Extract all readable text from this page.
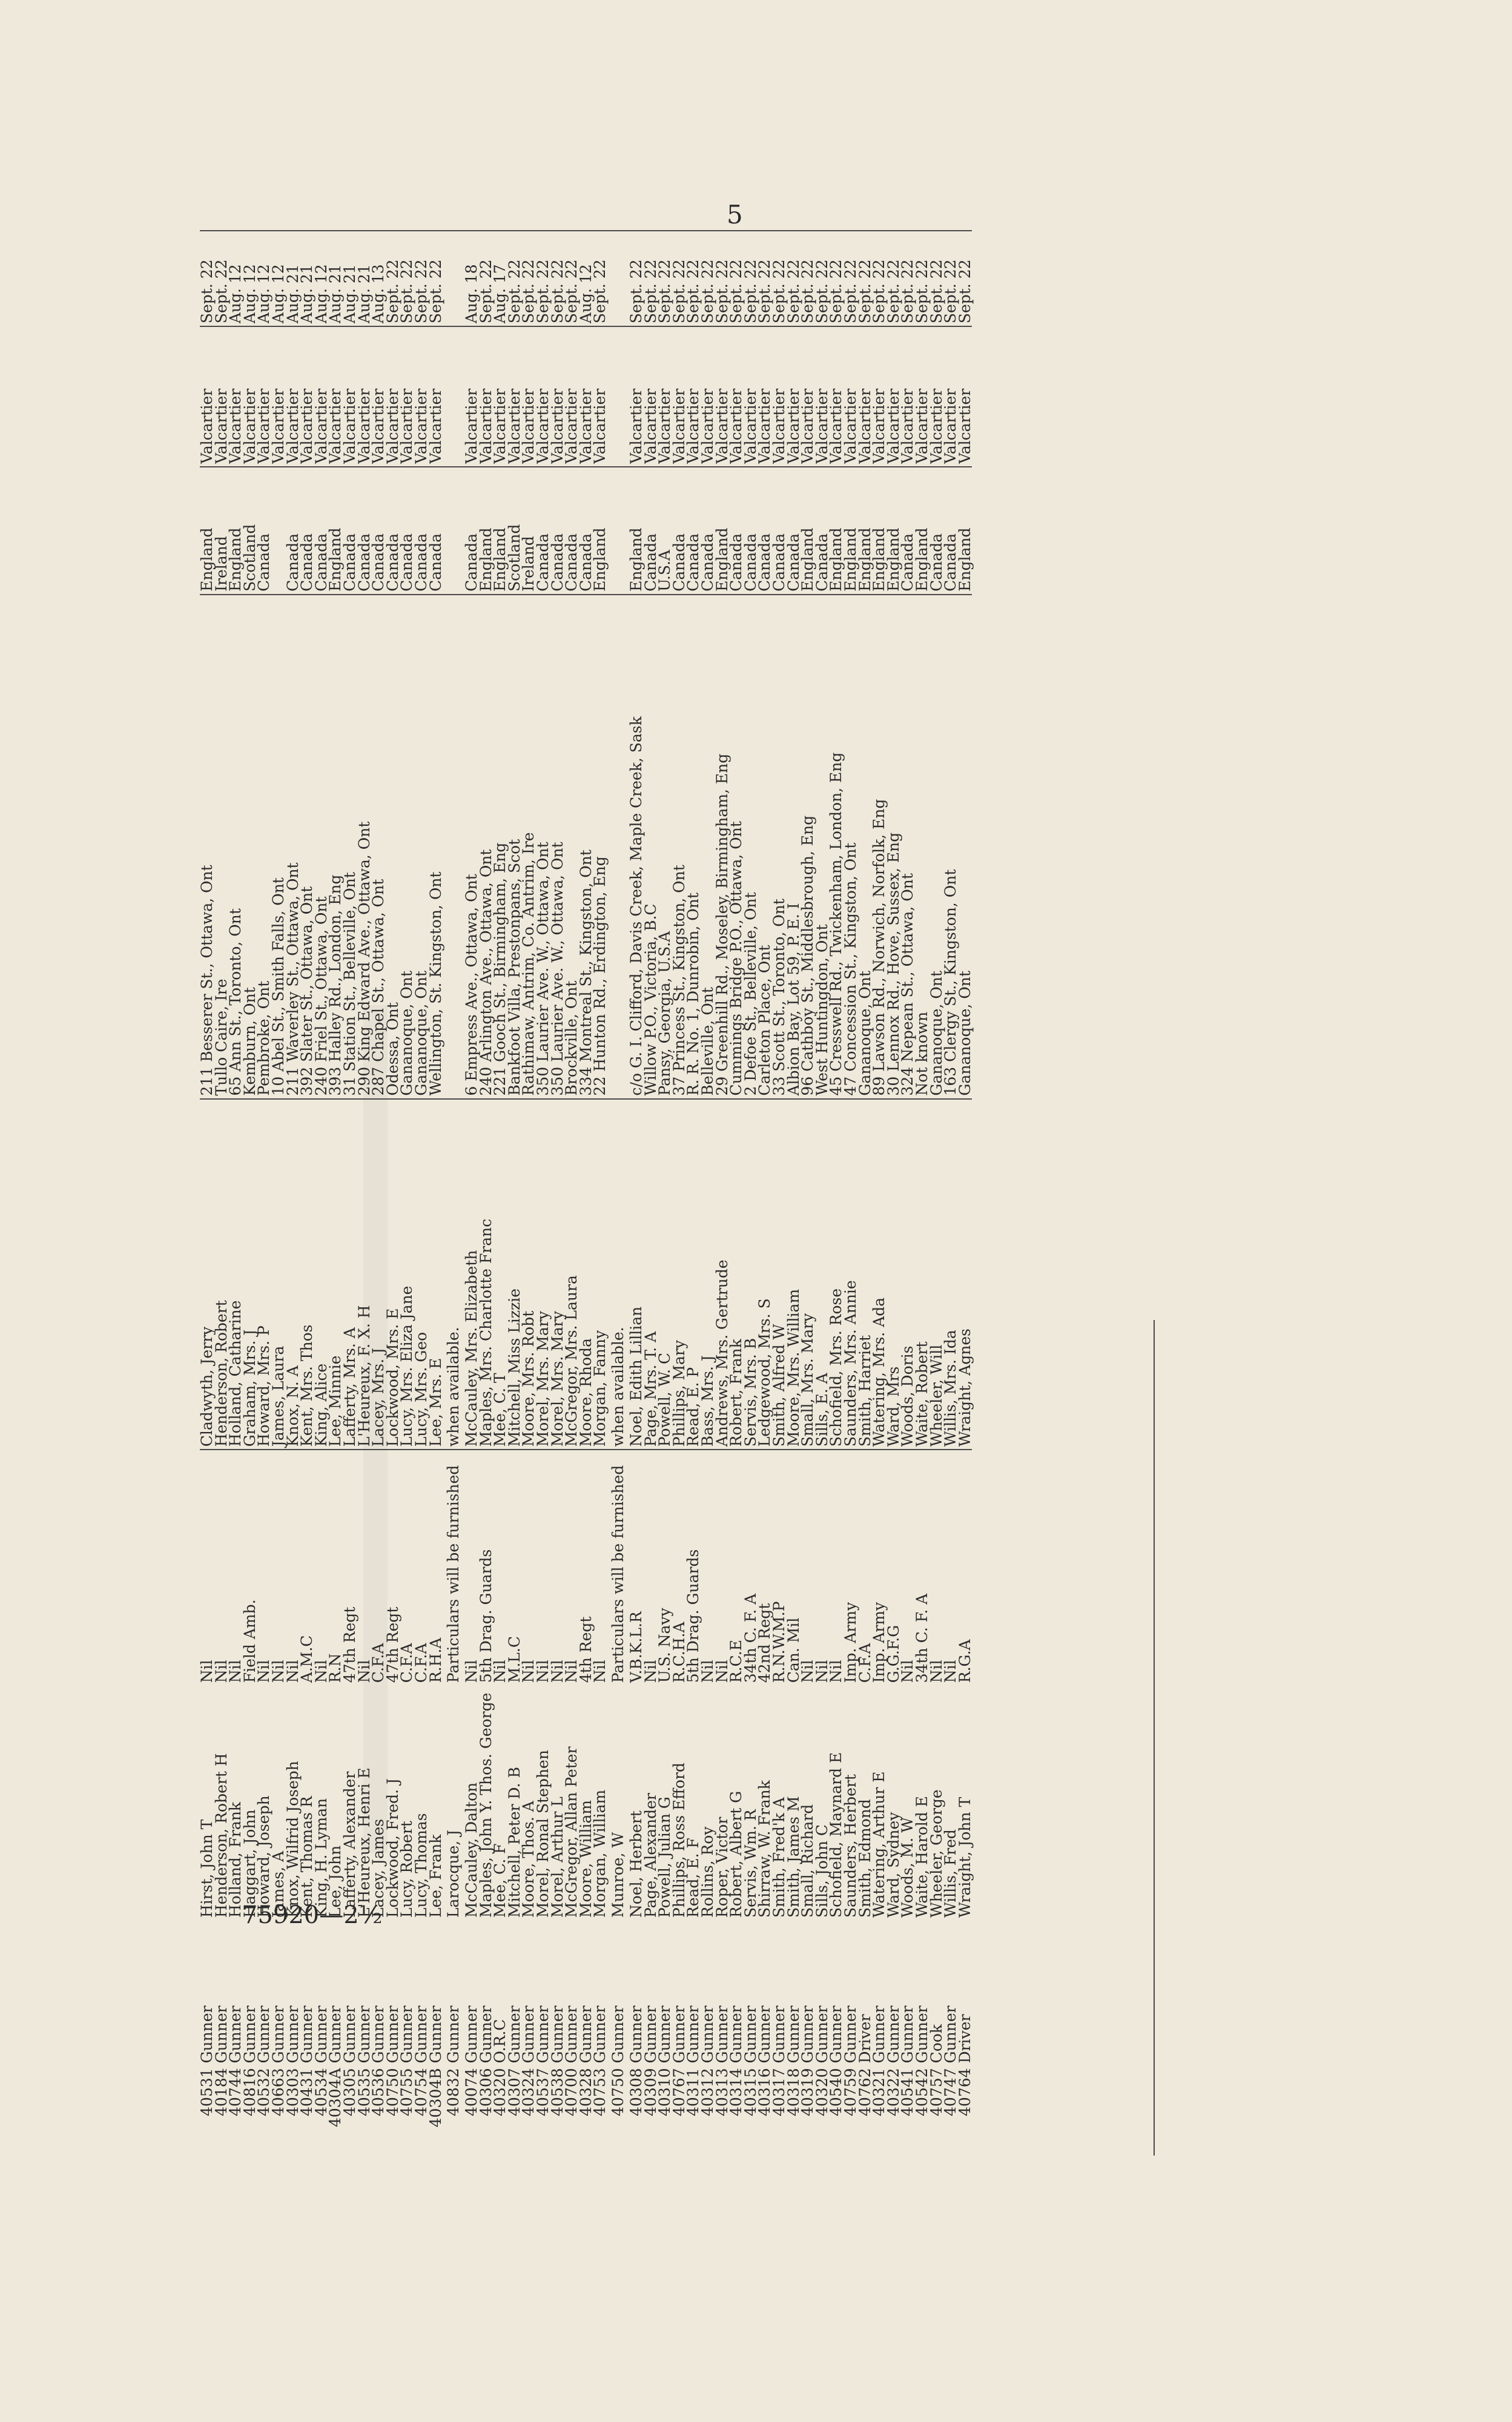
5
75920—2½
40531	Gunner	Hirst, John T	Nil	Cladwyth, Jerry	211 Besserer St., Ottawa, Ont	England	Valcartier	Sept. 22
40184	Gunner	Henderson, Robert H	Nil	Henderson, Robert	Tullo Caire, Ire	Ireland	Valcartier	Sept. 22
40744	Gunner	Holland, Frank	Nil	Holland, Catharine	65 Ann St., Toronto, Ont	England	Valcartier	Aug. 12
40816	Gunner	Haggart, John	Field Amb.	Graham, Mrs. J	Kemburn, Ont	Scotland	Valcartier	Aug. 12
40532	Gunner	Howard, Joseph	Nil	Howard, Mrs. P	Pembroke, Ont	Canada	Valcartier	Aug. 12
40663	Gunner	James, A	Nil	James, Laura	10 Abel St., Smith Falls, Ont		Valcartier	Aug. 12
40303	Gunner	Knox, Wilfrid Joseph	Nil	Knox, N. A	211 Waverley St., Ottawa, Ont	Canada	Valcartier	Aug. 21
40431	Gunner	Kent, Thomas R	A.M.C	Kent, Mrs. Thos	392 Slater St., Ottawa, Ont	Canada	Valcartier	Aug. 21
40534	Gunner	King, H. Lyman	Nil	King, Alice	240 Friel St., Ottawa, Ont	Canada	Valcartier	Aug. 12
40304A	Gunner	Lee, John	R.N	Lee, Minnie	393 Halley Rd., London, Eng	England	Valcartier	Aug. 21
40305	Gunner	Lafferty, Alexander	47th Regt	Lafferty, Mrs. A	31 Station St., Belleville, Ont	Canada	Valcartier	Aug. 21
40535	Gunner	L'Heureux, Henri E	Nil	L'Heureux, F. X. H	290 King Edward Ave., Ottawa, Ont	Canada	Valcartier	Aug. 21
40536	Gunner	Lacey, James	C.F.A	Lacey, Mrs. J	287 Chapel St., Ottawa, Ont	Canada	Valcartier	Aug. 13
40750	Gunner	Lockwood, Fred. J	47th Regt	Lockwood, Mrs. E	Odessa, Ont	Canada	Valcartier	Sept. 22
40755	Gunner	Lucy, Robert	C.F.A	Lucy, Mrs. Eliza Jane	Gananoque, Ont	Canada	Valcartier	Sept. 22
40754	Gunner	Lucy, Thomas	C.F.A	Lucy, Mrs. Geo	Gananoque, Ont	Canada	Valcartier	Sept. 22
40304B	Gunner	Lee, Frank	R.H.A	Lee, Mrs. E	Wellington, St. Kingston, Ont	Canada	Valcartier	Sept. 22
40832	Gunner	Larocque, J	Particulars will be furnished	when available.				
40074	Gunner	McCauley, Dalton	Nil	McCauley, Mrs. Elizabeth	6 Empress Ave., Ottawa, Ont	Canada	Valcartier	Aug. 18
40306	Gunner	Maples, John Y. Thos. George	5th Drag. Guards	Maples, Mrs. Charlotte Franc	240 Arlington Ave., Ottawa, Ont	England	Valcartier	Sept. 22
40320	O.R.C	Mee, C. F	Nil	Mee, C. T	221 Gooch St., Birmingham, Eng	England	Valcartier	Aug. 17
40307	Gunner	Mitchell, Peter D. B	M.L.C	Mitchell, Miss Lizzie	Bankfoot Villa, Prestonpans, Scot	Scotland	Valcartier	Sept. 22
40324	Gunner	Moore, Thos. A	Nil	Moore, Mrs. Robt	Rathimaw, Antrim, Co. Antrim, Ire	Ireland	Valcartier	Sept. 22
40537	Gunner	Morel, Ronal Stephen	Nil	Morel, Mrs. Mary	350 Laurier Ave. W., Ottawa, Ont	Canada	Valcartier	Sept. 22
40538	Gunner	Morel, Arthur L	Nil	Morel, Mrs. Mary	350 Laurier Ave. W., Ottawa, Ont	Canada	Valcartier	Sept. 22
40700	Gunner	McGregor, Allan Peter	Nil	McGregor, Mrs. Laura	Brockville, Ont	Canada	Valcartier	Sept. 22
40328	Gunner	Moore, William	4th Regt	Moore, Rhoda	334 Montreal St., Kingston, Ont	Canada	Valcartier	Aug. 12
40753	Gunner	Morgan, William	Nil	Morgan, Fanny	22 Hunton Rd., Erdington, Eng	England	Valcartier	Sept. 22
40750	Gunner	Munroe, W	Particulars will be furnished	when available.				
40308	Gunner	Noel, Herbert	V.B.K.L.R	Noel, Edith Lillian	c/o G. I. Clifford, Davis Creek, Maple Creek, Sask	England	Valcartier	Sept. 22
40309	Gunner	Page, Alexander	Nil	Page, Mrs. T. A	Willow P.O., Victoria, B.C	Canada	Valcartier	Sept. 22
40310	Gunner	Powell, Julian G	U.S. Navy	Powell, W. C	Pansy, Georgia, U.S.A	U.S.A	Valcartier	Sept. 22
40767	Gunner	Phillips, Ross Efford	R.C.H.A	Phillips, Mary	37 Princess St., Kingston, Ont	Canada	Valcartier	Sept. 22
40311	Gunner	Read, E. F	5th Drag. Guards	Read, E. P	R. R. No. 1, Dunrobin, Ont	Canada	Valcartier	Sept. 22
40312	Gunner	Rollins, Roy	Nil	Bass, Mrs. J	Belleville, Ont	Canada	Valcartier	Sept. 22
40313	Gunner	Roper, Victor	Nil	Andrews, Mrs. Gertrude	29 Greenhill Rd., Moseley, Birmingham, Eng	England	Valcartier	Sept. 22
40314	Gunner	Robert, Albert G	R.C.E	Robert, Frank	Cummings Bridge P.O., Ottawa, Ont	Canada	Valcartier	Sept. 22
40315	Gunner	Servis, Wm. R	34th C. F. A	Servis, Mrs. B	2 Defoe St., Belleville, Ont	Canada	Valcartier	Sept. 22
40316	Gunner	Shirraw, W. Frank	42nd Regt	Ledgewood, Mrs. S	Carleton Place, Ont	Canada	Valcartier	Sept. 22
40317	Gunner	Smith, Fred'k A	R.N.W.M.P	Smith, Alfred W	33 Scott St., Toronto, Ont	Canada	Valcartier	Sept. 22
40318	Gunner	Smith, James M	Can. Mil	Moore, Mrs. William	Albion Bay, Lot 59, P. E. I	Canada	Valcartier	Sept. 22
40319	Gunner	Small, Richard	Nil	Small, Mrs. Mary	96 Cathboy St., Middlesbrough, Eng	England	Valcartier	Sept. 22
40320	Gunner	Sills, John C	Nil	Sills, E. A	West Huntingdon, Ont	Canada	Valcartier	Sept. 22
40540	Gunner	Schofield, Maynard E	Nil	Schofield, Mrs. Rose	45 Cresswell Rd., Twickenham, London, Eng	England	Valcartier	Sept. 22
40759	Gunner	Saunders, Herbert	Imp. Army	Saunders, Mrs. Annie	47 Concession St., Kingston, Ont	England	Valcartier	Sept. 22
40762	Driver	Smith, Edmond	C.F.A	Smith, Harriet	Gananoque, Ont	England	Valcartier	Sept. 22
40321	Gunner	Watering, Arthur E	Imp. Army	Watering, Mrs. Ada	89 Lawson Rd., Norwich, Norfolk, Eng	England	Valcartier	Sept. 22
40322	Gunner	Ward, Sydney	G.G.F.G	Ward, Mrs	30 Lennox Rd., Hove, Sussex, Eng	England	Valcartier	Sept. 22
40541	Gunner	Woods, M. W	Nil	Woods, Doris	324 Nepean St., Ottawa, Ont	Canada	Valcartier	Sept. 22
40542	Gunner	Waite, Harold E	34th C. F. A	Waite, Robert	Not known	England	Valcartier	Sept. 22
40757	Cook	Wheeler, George	Nil	Wheeler, Will	Gananoque, Ont	Canada	Valcartier	Sept. 22
40747	Gunner	Willis, Fred	Nil	Willis, Mrs. Ida	163 Clergy St., Kingston, Ont	Canada	Valcartier	Sept. 22
40764	Driver	Wraight, John T	R.G.A	Wraight, Agnes	Gananoque, Ont	England	Valcartier	Sept. 22
